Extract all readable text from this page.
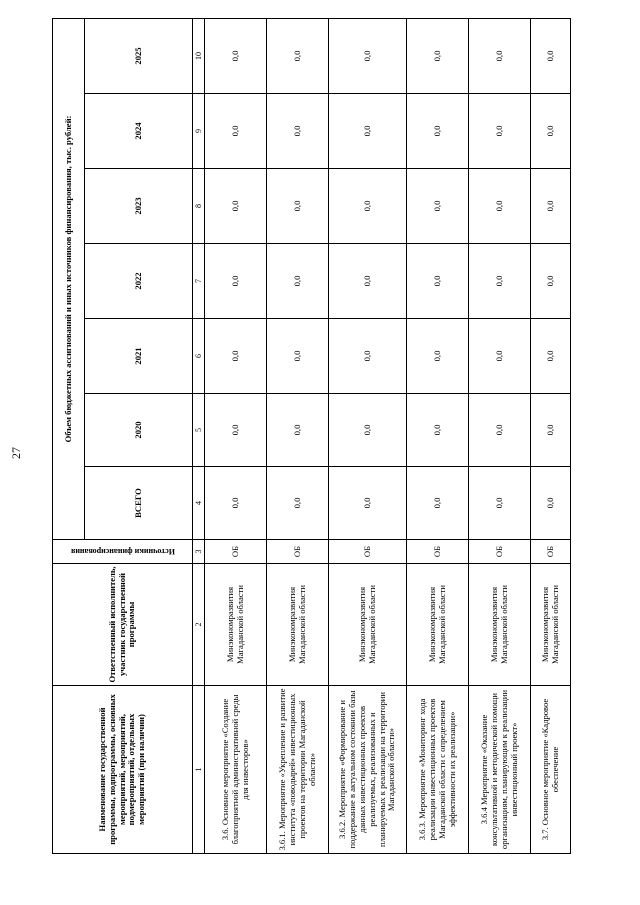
27
Наименование государственной программы, подпрограммы, основных мероприятий, мероприятий, подмероприятий, отдельных мероприятий (при наличии)	Ответственный исполнитель, участник государственной программы	Источники финансирования	Объем бюджетных ассигнований и иных источников финансирования, тыс. рублей:						
			ВСЕГО	2020	2021	2022	2023	2024	2025
1	2	3	4	5	6	7	8	9	10
3.6. Основное мероприятие «Создание благоприятной административной среды для инвесторов»	Минэкономразвития Магаданской области	ОБ	0,0	0,0	0,0	0,0	0,0	0,0	0,0
3.6.1. Мероприятие «Укрепление и развитие института «поводырей» инвестиционных проектов на территории Магаданской области»	Минэкономразвития Магаданской области	ОБ	0,0	0,0	0,0	0,0	0,0	0,0	0,0
3.6.2. Мероприятие «Формирование и поддержание в актуальном состоянии базы данных инвестиционных проектов реализуемых, реализованных и планируемых к реализации на территории Магаданской области»	Минэкономразвития Магаданской области	ОБ	0,0	0,0	0,0	0,0	0,0	0,0	0,0
3.6.3. Мероприятие «Мониторинг хода реализации инвестиционных проектов Магаданской области с определением эффективности их реализации»	Минэкономразвития Магаданской области	ОБ	0,0	0,0	0,0	0,0	0,0	0,0	0,0
3.6.4 Мероприятие «Оказание консультативной и методической помощи организациям, планирующим к реализации инвестиционный проект»	Минэкономразвития Магаданской области	ОБ	0,0	0,0	0,0	0,0	0,0	0,0	0,0
3.7. Основное мероприятие «Кадровое обеспечение	Минэкономразвития Магаданской области	ОБ	0,0	0,0	0,0	0,0	0,0	0,0	0,0
